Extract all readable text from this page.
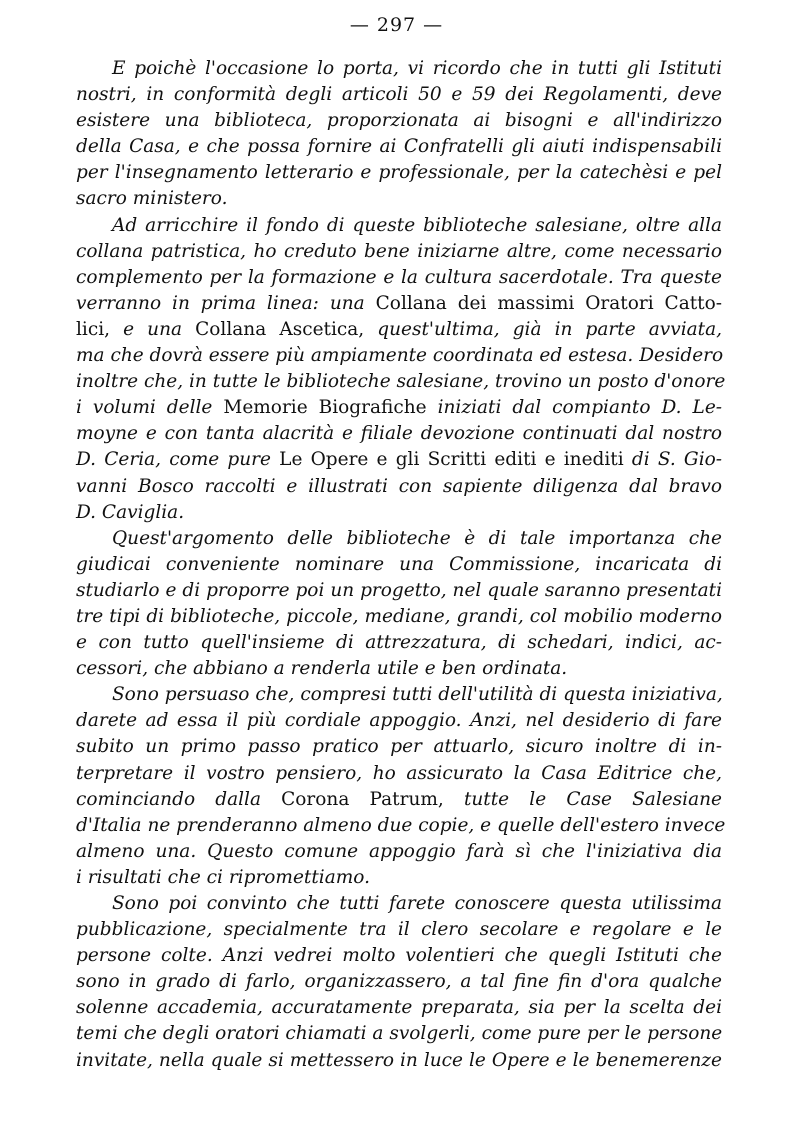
— 297 —
E poichè l'occasione lo porta, vi ricordo che in tutti gli Istituti
nostri, in conformità degli articoli 50 e 59 dei Regolamenti, deve
esistere una biblioteca, proporzionata ai bisogni e all'indirizzo
della Casa, e che possa fornire ai Confratelli gli aiuti indispensabili
per l'insegnamento letterario e professionale, per la catechèsi e pel
sacro ministero.
Ad arricchire il fondo di queste biblioteche salesiane, oltre alla
collana patristica, ho creduto bene iniziarne altre, come necessario
complemento per la formazione e la cultura sacerdotale. Tra queste
verranno in prima linea: una Collana dei massimi Oratori Catto-
lici, e una Collana Ascetica, quest'ultima, già in parte avviata,
ma che dovrà essere più ampiamente coordinata ed estesa. Desidero
inoltre che, in tutte le biblioteche salesiane, trovino un posto d'onore
i volumi delle Memorie Biografiche iniziati dal compianto D. Le-
moyne e con tanta alacrità e filiale devozione continuati dal nostro
D. Ceria, come pure Le Opere e gli Scritti editi e inediti di S. Gio-
vanni Bosco raccolti e illustrati con sapiente diligenza dal bravo
D. Caviglia.
Quest'argomento delle biblioteche è di tale importanza che
giudicai conveniente nominare una Commissione, incaricata di
studiarlo e di proporre poi un progetto, nel quale saranno presentati
tre tipi di biblioteche, piccole, mediane, grandi, col mobilio moderno
e con tutto quell'insieme di attrezzatura, di schedari, indici, ac-
cessori, che abbiano a renderla utile e ben ordinata.
Sono persuaso che, compresi tutti dell'utilità di questa iniziativa,
darete ad essa il più cordiale appoggio. Anzi, nel desiderio di fare
subito un primo passo pratico per attuarlo, sicuro inoltre di in-
terpretare il vostro pensiero, ho assicurato la Casa Editrice che,
cominciando dalla Corona Patrum, tutte le Case Salesiane
d'Italia ne prenderanno almeno due copie, e quelle dell'estero invece
almeno una. Questo comune appoggio farà sì che l'iniziativa dia
i risultati che ci ripromettiamo.
Sono poi convinto che tutti farete conoscere questa utilissima
pubblicazione, specialmente tra il clero secolare e regolare e le
persone colte. Anzi vedrei molto volentieri che quegli Istituti che
sono in grado di farlo, organizzassero, a tal fine fin d'ora qualche
solenne accademia, accuratamente preparata, sia per la scelta dei
temi che degli oratori chiamati a svolgerli, come pure per le persone
invitate, nella quale si mettessero in luce le Opere e le benemerenze
